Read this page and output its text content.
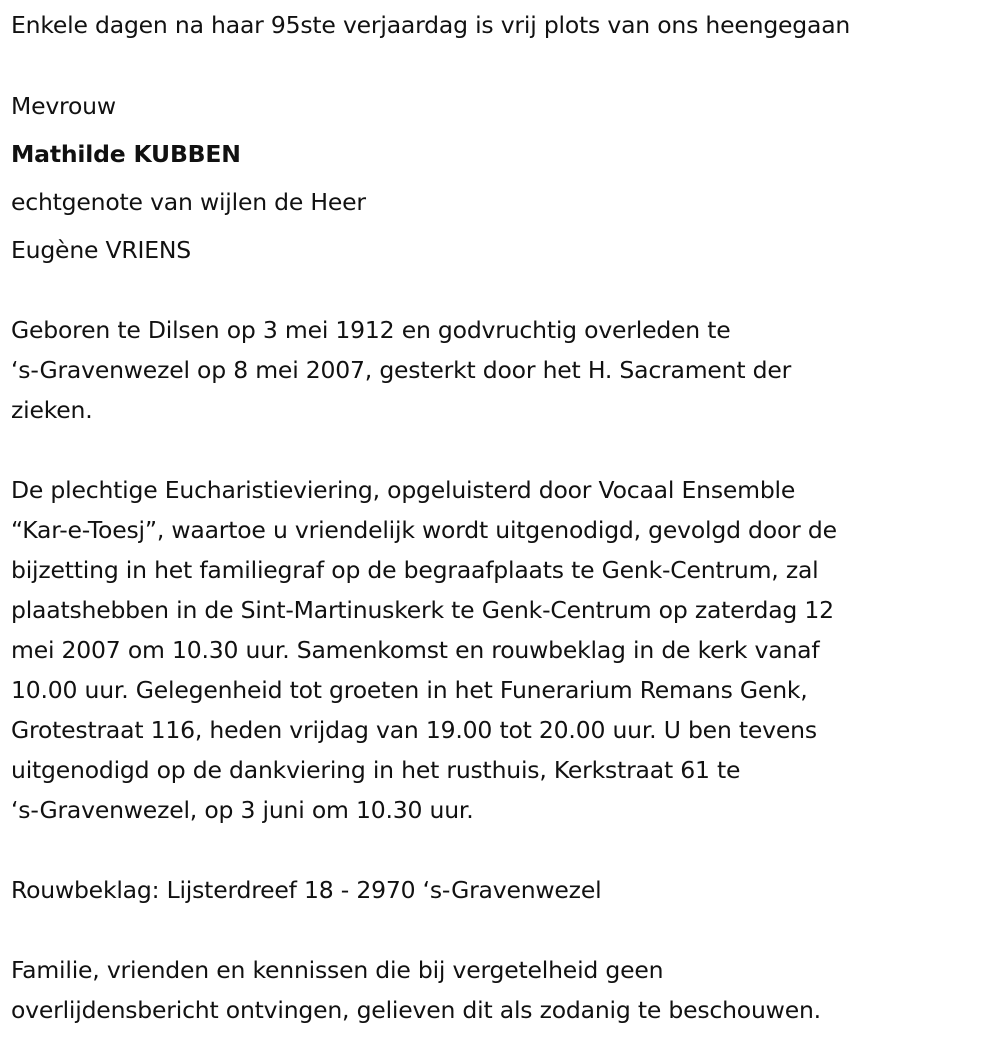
Enkele dagen na haar 95ste verjaardag is vrij plots van ons heengegaan
Mevrouw
Mathilde KUBBEN
echtgenote van wijlen de Heer
Eugène VRIENS
Geboren te Dilsen op 3 mei 1912 en godvruchtig overleden te
‘s-Gravenwezel op 8 mei 2007, gesterkt door het H. Sacrament der
zieken.
De plechtige Eucharistieviering, opgeluisterd door Vocaal Ensemble
“Kar-e-Toesj”, waartoe u vriendelijk wordt uitgenodigd, gevolgd door de
bijzetting in het familiegraf op de begraafplaats te Genk-Centrum, zal
plaatshebben in de Sint-Martinuskerk te Genk-Centrum op zaterdag 12
mei 2007 om 10.30 uur. Samenkomst en rouwbeklag in de kerk vanaf
10.00 uur. Gelegenheid tot groeten in het Funerarium Remans Genk,
Grotestraat 116, heden vrijdag van 19.00 tot 20.00 uur. U ben tevens
uitgenodigd op de dankviering in het rusthuis, Kerkstraat 61 te
‘s-Gravenwezel, op 3 juni om 10.30 uur.
Rouwbeklag: Lijsterdreef 18 - 2970 ‘s-Gravenwezel
Familie, vrienden en kennissen die bij vergetelheid geen
overlijdensbericht ontvingen, gelieven dit als zodanig te beschouwen.
